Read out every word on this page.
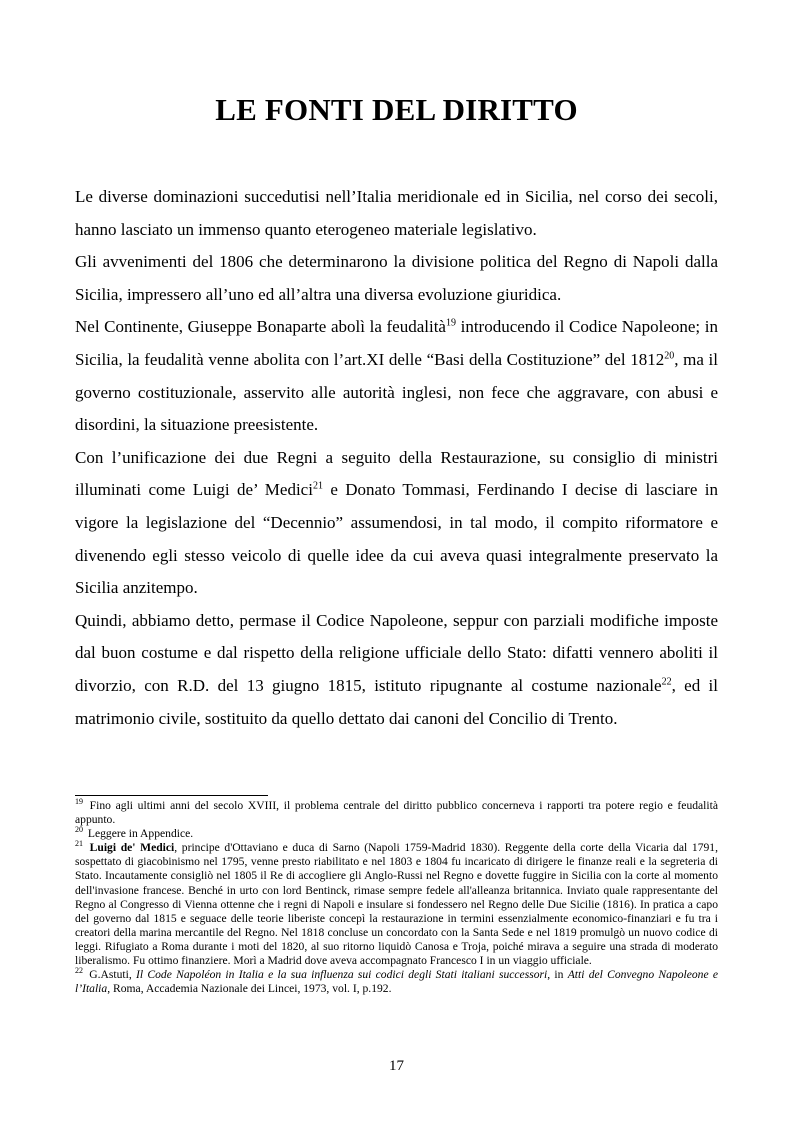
LE FONTI DEL DIRITTO

Le diverse dominazioni succedutisi nell’Italia meridionale ed in Sicilia, nel corso dei secoli, hanno lasciato un immenso quanto eterogeneo materiale legislativo.

Gli avvenimenti del 1806 che determinarono la divisione politica del Regno di Napoli dalla Sicilia, impressero all’uno ed all’altra una diversa evoluzione giuridica.

Nel Continente, Giuseppe Bonaparte abolì la feudalità$^{19}$ introducendo il Codice Napoleone; in Sicilia, la feudalità venne abolita con l’art.XI delle “Basi della Costituzione” del 1812$^{20}$, ma il governo costituzionale, asservito alle autorità inglesi, non fece che aggravare, con abusi e disordini, la situazione preesistente.

Con l’unificazione dei due Regni a seguito della Restaurazione, su consiglio di ministri illuminati come Luigi de’ Medici$^{21}$ e Donato Tommasi, Ferdinando I decise di lasciare in vigore la legislazione del “Decennio” assumendosi, in tal modo, il compito riformatore e divenendo egli stesso veicolo di quelle idee da cui aveva quasi integralmente preservato la Sicilia anzitempo.

Quindi, abbiamo detto, permase il Codice Napoleone, seppur con parziali modifiche imposte dal buon costume e dal rispetto della religione ufficiale dello Stato: difatti vennero aboliti il divorzio, con R.D. del 13 giugno 1815, istituto ripugnante al costume nazionale$^{22}$, ed il matrimonio civile, sostituito da quello dettato dai canoni del Concilio di Trento.

$^{19}$ Fino agli ultimi anni del secolo XVIII, il problema centrale del diritto pubblico concerneva i rapporti tra potere regio e feudalità appunto.

$^{20}$ Leggere in Appendice.

$^{21}$ Luigi de' Medici, principe d'Ottaviano e duca di Sarno (Napoli 1759-Madrid 1830). Reggente della corte della Vicaria dal 1791, sospettato di giacobinismo nel 1795, venne presto riabilitato e nel 1803 e 1804 fu incaricato di dirigere le finanze reali e la segreteria di Stato. Incautamente consigliò nel 1805 il Re di accogliere gli Anglo-Russi nel Regno e dovette fuggire in Sicilia con la corte al momento dell'invasione francese. Benché in urto con lord Bentinck, rimase sempre fedele all'alleanza britannica. Inviato quale rappresentante del Regno al Congresso di Vienna ottenne che i regni di Napoli e insulare si fondessero nel Regno delle Due Sicilie (1816). In pratica a capo del governo dal 1815 e seguace delle teorie liberiste concepì la restaurazione in termini essenzialmente economico-finanziari e fu tra i creatori della marina mercantile del Regno. Nel 1818 concluse un concordato con la Santa Sede e nel 1819 promulgò un nuovo codice di leggi. Rifugiato a Roma durante i moti del 1820, al suo ritorno liquidò Canosa e Troja, poiché mirava a seguire una strada di moderato liberalismo. Fu ottimo finanziere. Morì a Madrid dove aveva accompagnato Francesco I in un viaggio ufficiale.

$^{22}$ G.Astuti, Il Code Napoléon in Italia e la sua influenza sui codici degli Stati italiani successori, in Atti del Convegno Napoleone e l’Italia, Roma, Accademia Nazionale dei Lincei, 1973, vol. I, p.192.

17
